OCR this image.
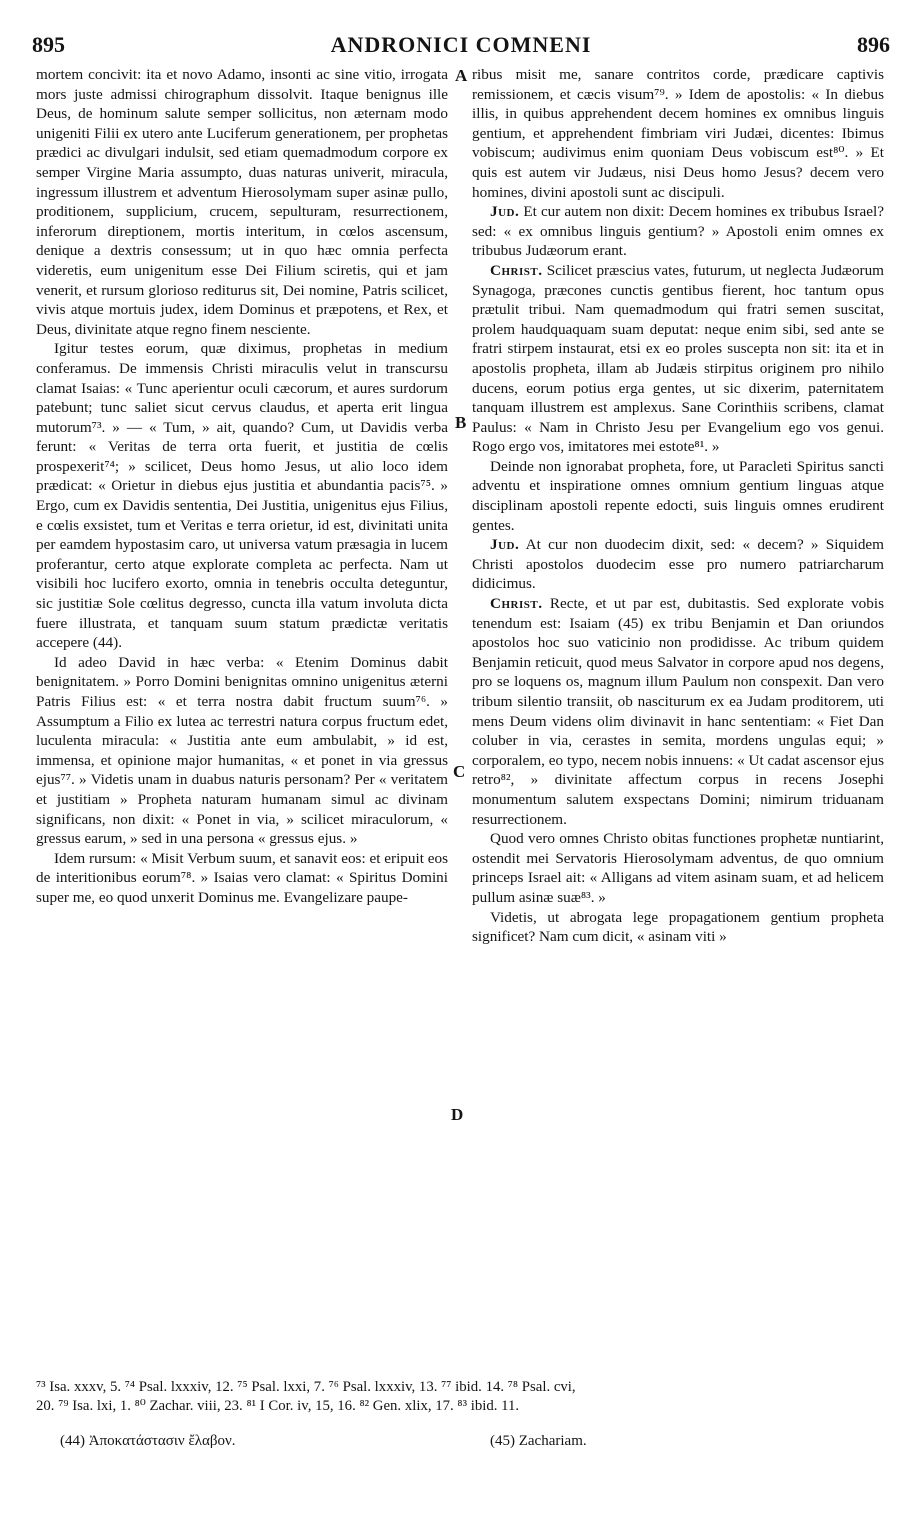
895	ANDRONICI COMNENI	896

mortem concivit: ita et novo Adamo, insonti ac sine vitio, irrogata mors juste admissi chirographum dissolvit. Itaque benignus ille Deus, de hominum salute semper sollicitus, non æternam modo unigeniti Filii ex utero ante Luciferum generationem, per prophetas prædici ac divulgari indulsit, sed etiam quemadmodum corpore ex semper Virgine Maria assumpto, duas naturas univerit, miracula, ingressum illustrem et adventum Hierosolymam super asinæ pullo, proditionem, supplicium, crucem, sepulturam, resurrectionem, inferorum direptionem, mortis interitum, in cœlos ascensum, denique a dextris consessum; ut in quo hæc omnia perfecta videretis, eum unigenitum esse Dei Filium sciretis, qui et jam venerit, et rursum glorioso rediturus sit, Dei nomine, Patris scilicet, vivis atque mortuis judex, idem Dominus et præpotens, et Rex, et Deus, divinitate atque regno finem nesciente.

Igitur testes eorum, quæ diximus, prophetas in medium conferamus. De immensis Christi miraculis velut in transcursu clamat Isaias: « Tunc aperientur oculi cæcorum, et aures surdorum patebunt; tunc saliet sicut cervus claudus, et aperta erit lingua mutorum⁷³. » — « Tum, » ait, quando? Cum, ut Davidis verba ferunt: « Veritas de terra orta fuerit, et justitia de cœlis prospexerit⁷⁴; » scilicet, Deus homo Jesus, ut alio loco idem prædicat: « Orietur in diebus ejus justitia et abundantia pacis⁷⁵. » Ergo, cum ex Davidis sententia, Dei Justitia, unigenitus ejus Filius, e cœlis exsistet, tum et Veritas e terra orietur, id est, divinitati unita per eamdem hypostasim caro, ut universa vatum præsagia in lucem proferantur, certo atque explorate completa ac perfecta. Nam ut visibili hoc lucifero exorto, omnia in tenebris occulta deteguntur, sic justitiæ Sole cœlitus degresso, cuncta illa vatum involuta dicta fuere illustrata, et tanquam suum statum prædictæ veritatis accepere (44).

Id adeo David in hæc verba: « Etenim Dominus dabit benignitatem. » Porro Domini benignitas omnino unigenitus æterni Patris Filius est: « et terra nostra dabit fructum suum⁷⁶. » Assumptum a Filio ex lutea ac terrestri natura corpus fructum edet, luculenta miracula: « Justitia ante eum ambulabit, » id est, immensa, et opinione major humanitas, « et ponet in via gressus ejus⁷⁷. » Videtis unam in duabus naturis personam? Per « veritatem et justitiam » Propheta naturam humanam simul ac divinam significans, non dixit: « Ponet in via, » scilicet miraculorum, « gressus earum, » sed in una persona « gressus ejus. »

Idem rursum: « Misit Verbum suum, et sanavit eos: et eripuit eos de interitionibus eorum⁷⁸. » Isaias vero clamat: « Spiritus Domini super me, eo quod unxerit Dominus me. Evangelizare paupe-

ribus misit me, sanare contritos corde, prædicare captivis remissionem, et cæcis visum⁷⁹. » Idem de apostolis: « In diebus illis, in quibus apprehendent decem homines ex omnibus linguis gentium, et apprehendent fimbriam viri Judæi, dicentes: Ibimus vobiscum; audivimus enim quoniam Deus vobiscum est⁸⁰. » Et quis est autem vir Judæus, nisi Deus homo Jesus? decem vero homines, divini apostoli sunt ac discipuli.

Jud. Et cur autem non dixit: Decem homines ex tribubus Israel? sed: « ex omnibus linguis gentium? » Apostoli enim omnes ex tribubus Judæorum erant.

Christ. Scilicet præscius vates, futurum, ut neglecta Judæorum Synagoga, præcones cunctis gentibus fierent, hoc tantum opus prætulit tribui. Nam quemadmodum qui fratri semen suscitat, prolem haudquaquam suam deputat: neque enim sibi, sed ante se fratri stirpem instaurat, etsi ex eo proles suscepta non sit: ita et in apostolis propheta, illam ab Judæis stirpitus originem pro nihilo ducens, eorum potius erga gentes, ut sic dixerim, paternitatem tanquam illustrem est amplexus. Sane Corinthiis scribens, clamat Paulus: « Nam in Christo Jesu per Evangelium ego vos genui. Rogo ergo vos, imitatores mei estote⁸¹. »

Deinde non ignorabat propheta, fore, ut Paracleti Spiritus sancti adventu et inspiratione omnes omnium gentium linguas atque disciplinam apostoli repente edocti, suis linguis omnes erudirent gentes.

Jud. At cur non duodecim dixit, sed: « decem? » Siquidem Christi apostolos duodecim esse pro numero patriarcharum didicimus.

Christ. Recte, et ut par est, dubitastis. Sed explorate vobis tenendum est: Isaiam (45) ex tribu Benjamin et Dan oriundos apostolos hoc suo vaticinio non prodidisse. Ac tribum quidem Benjamin reticuit, quod meus Salvator in corpore apud nos degens, pro se loquens os, magnum illum Paulum non conspexit. Dan vero tribum silentio transiit, ob nasciturum ex ea Judam proditorem, uti mens Deum videns olim divinavit in hanc sententiam: « Fiet Dan coluber in via, cerastes in semita, mordens ungulas equi; » corporalem, eo typo, necem nobis innuens: « Ut cadat ascensor ejus retro⁸², » divinitate affectum corpus in recens Josephi monumentum salutem exspectans Domini; nimirum triduanam resurrectionem.

Quod vero omnes Christo obitas functiones prophetæ nuntiarint, ostendit mei Servatoris Hierosolymam adventus, de quo omnium princeps Israel ait: « Alligans ad vitem asinam suam, et ad helicem pullum asinæ suæ⁸³. »

Videtis, ut abrogata lege propagationem gentium propheta significet? Nam cum dicit, « asinam viti »

A
B
C
D
⁷³ Isa. xxxv, 5. ⁷⁴ Psal. lxxxiv, 12. ⁷⁵ Psal. lxxi, 7. ⁷⁶ Psal. lxxxiv, 13. ⁷⁷ ibid. 14. ⁷⁸ Psal. cvi,
20. ⁷⁹ Isa. lxi, 1. ⁸⁰ Zachar. viii, 23. ⁸¹ I Cor. iv, 15, 16. ⁸² Gen. xlix, 17. ⁸³ ibid. 11.
(44) Ἀποκατάστασιν ἔλαβον.	(45) Zachariam.
